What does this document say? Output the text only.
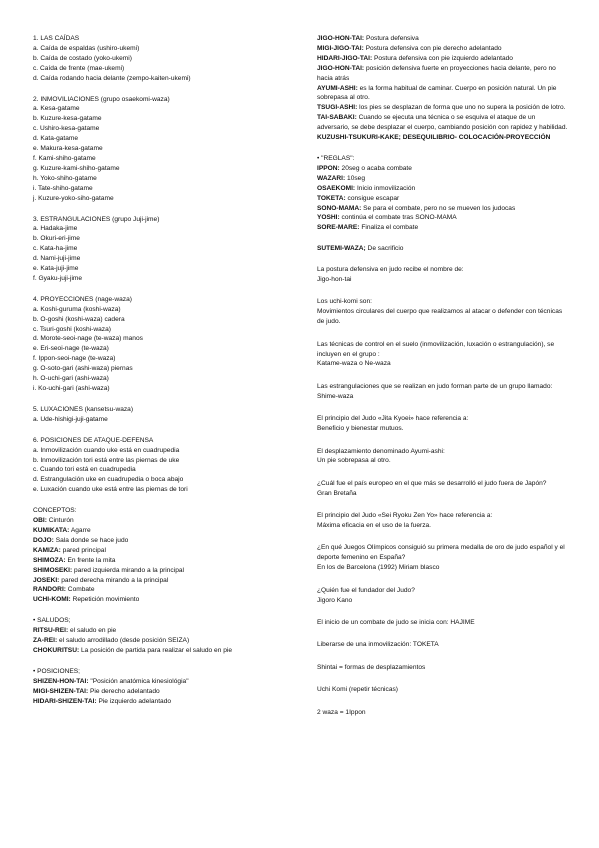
1. LAS CAÍDAS
a. Caída de espaldas (ushiro-ukemi)
b. Caída de costado (yoko-ukemi)
c. Caída de frente (mae-ukemi)
d. Caída rodando hacia delante (zempo-kaiten-ukemi)
2. INMOVILIACIONES (grupo osaekomi-waza)
a. Kesa-gatame
b. Kuzure-kesa-gatame
c. Ushiro-kesa-gatame
d. Kata-gatame
e. Makura-kesa-gatame
f. Kami-shiho-gatame
g. Kuzure-kami-shiho-gatame
h. Yoko-shiho-gatame
i. Tate-shiho-gatame
j. Kuzure-yoko-siho-gatame
3. ESTRANGULACIONES (grupo Juji-jime)
a. Hadaka-jime
b. Okuri-eri-jime
c. Kata-ha-jime
d. Nami-juji-jime
e. Kata-juji-jime
f. Gyaku-juji-jime
4. PROYECCIONES (nage-waza)
a. Koshi-guruma (koshi-waza)
b. O-goshi (koshi-waza) cadera
c. Tsuri-goshi (koshi-waza)
d. Morote-seoi-nage (te-waza) manos
e. Eri-seoi-nage (te-waza)
f. Ippon-seoi-nage (te-waza)
g. O-soto-gari (ashi-waza) piernas
h. O-uchi-gari (ashi-waza)
i. Ko-uchi-gari (ashi-waza)
5. LUXACIONES (kansetsu-waza)
a. Ude-hishigi-juji-gatame
6. POSICIONES DE ATAQUE-DEFENSA
a. Inmovilización cuando uke está en cuadrupedia
b. Inmovilización tori está entre las piernas de uke
c. Cuando tori está en cuadrupedia
d. Estrangulación uke en cuadrupedia o boca abajo
e. Luxación cuando uke está entre las piernas de tori
CONCEPTOS:
OBI: Cinturón
KUMIKATA: Agarre
DOJO: Sala donde se hace judo
KAMIZA: pared principal
SHIMOZA: En frente la mita
SHIMOSEKI: pared izquierda mirando a la principal
JOSEKI: pared derecha mirando a la principal
RANDORI: Combate
UCHI-KOMI: Repetición movimiento
• SALUDOS;
RITSU-REI: el saludo en pie
ZA-REI: el saludo arrodillado (desde posición SEIZA)
CHOKURITSU: La posición de partida para realizar el saludo en pie
• POSICIONES;
SHIZEN-HON-TAI: "Posición anatómica kinesiológia"
MIGI-SHIZEN-TAI: Pie derecho adelantado
HIDARI-SHIZEN-TAI: Pie izquierdo adelantado
JIGO-HON-TAI: Postura defensiva
MIGI-JIGO-TAI: Postura defensiva con pie derecho adelantado
HIDARI-JIGO-TAI: Postura defensiva con pie izquierdo adelantado
JIGO-HON-TAI: posición defensiva fuerte en proyecciones hacia delante, pero no hacia atrás
AYUMI-ASHI: es la forma habitual de caminar. Cuerpo en posición natural. Un pie sobrepasa al otro.
TSUGI-ASHI: los pies se desplazan de forma que uno no supera la posición de lotro.
TAI-SABAKI: Cuando se ejecuta una técnica o se esquiva el ataque de un adversario, se debe desplazar el cuerpo, cambiando posición con rapidez y habilidad.
KUZUSHI-TSUKURI-KAKE; DESEQUILIBRIO- COLOCACIÓN-PROYECCIÓN
• "REGLAS":
IPPON: 20seg o acaba combate
WAZARI: 10seg
OSAEKOMI: Inicio inmovilización
TOKETA: consigue escapar
SONO-MAMA: Se para el combate, pero no se mueven los judocas
YOSHI: continúa el combate tras SONO-MAMA
SORE-MARE: Finaliza el combate
SUTEMI-WAZA; De sacrificio
La postura defensiva en judo recibe el nombre de:
Jigo-hon-tai
Los uchi-komi son:
Movimientos circulares del cuerpo que realizamos al atacar o defender con técnicas de judo.
Las técnicas de control en el suelo (inmovilización, luxación o estrangulación), se incluyen en el grupo :
Katame-waza o Ne-waza
Las estrangulaciones que se realizan en judo forman parte de un grupo llamado:
Shime-waza
El principio del Judo «Jita Kyoei» hace referencia a:
Beneficio y bienestar mutuos.
El desplazamiento denominado Ayumi-ashi:
Un pie sobrepasa al otro.
¿Cuál fue el país europeo en el que más se desarrolló el judo fuera de Japón?
Gran Bretaña
El principio del Judo «Sei Ryoku Zen Yo» hace referencia a:
Máxima eficacia en el uso de la fuerza.
¿En qué Juegos Olímpicos consiguió su primera medalla de oro de judo español y el deporte femenino en España?
En los de Barcelona (1992) Miriam blasco
¿Quién fue el fundador del Judo?
Jigoro Kano
El inicio de un combate de judo se inicia con: HAJIME
Liberarse de una inmovilización: TOKETA
Shintai = formas de desplazamientos
Uchi Komi (repetir técnicas)
2 waza = 1Ippon
